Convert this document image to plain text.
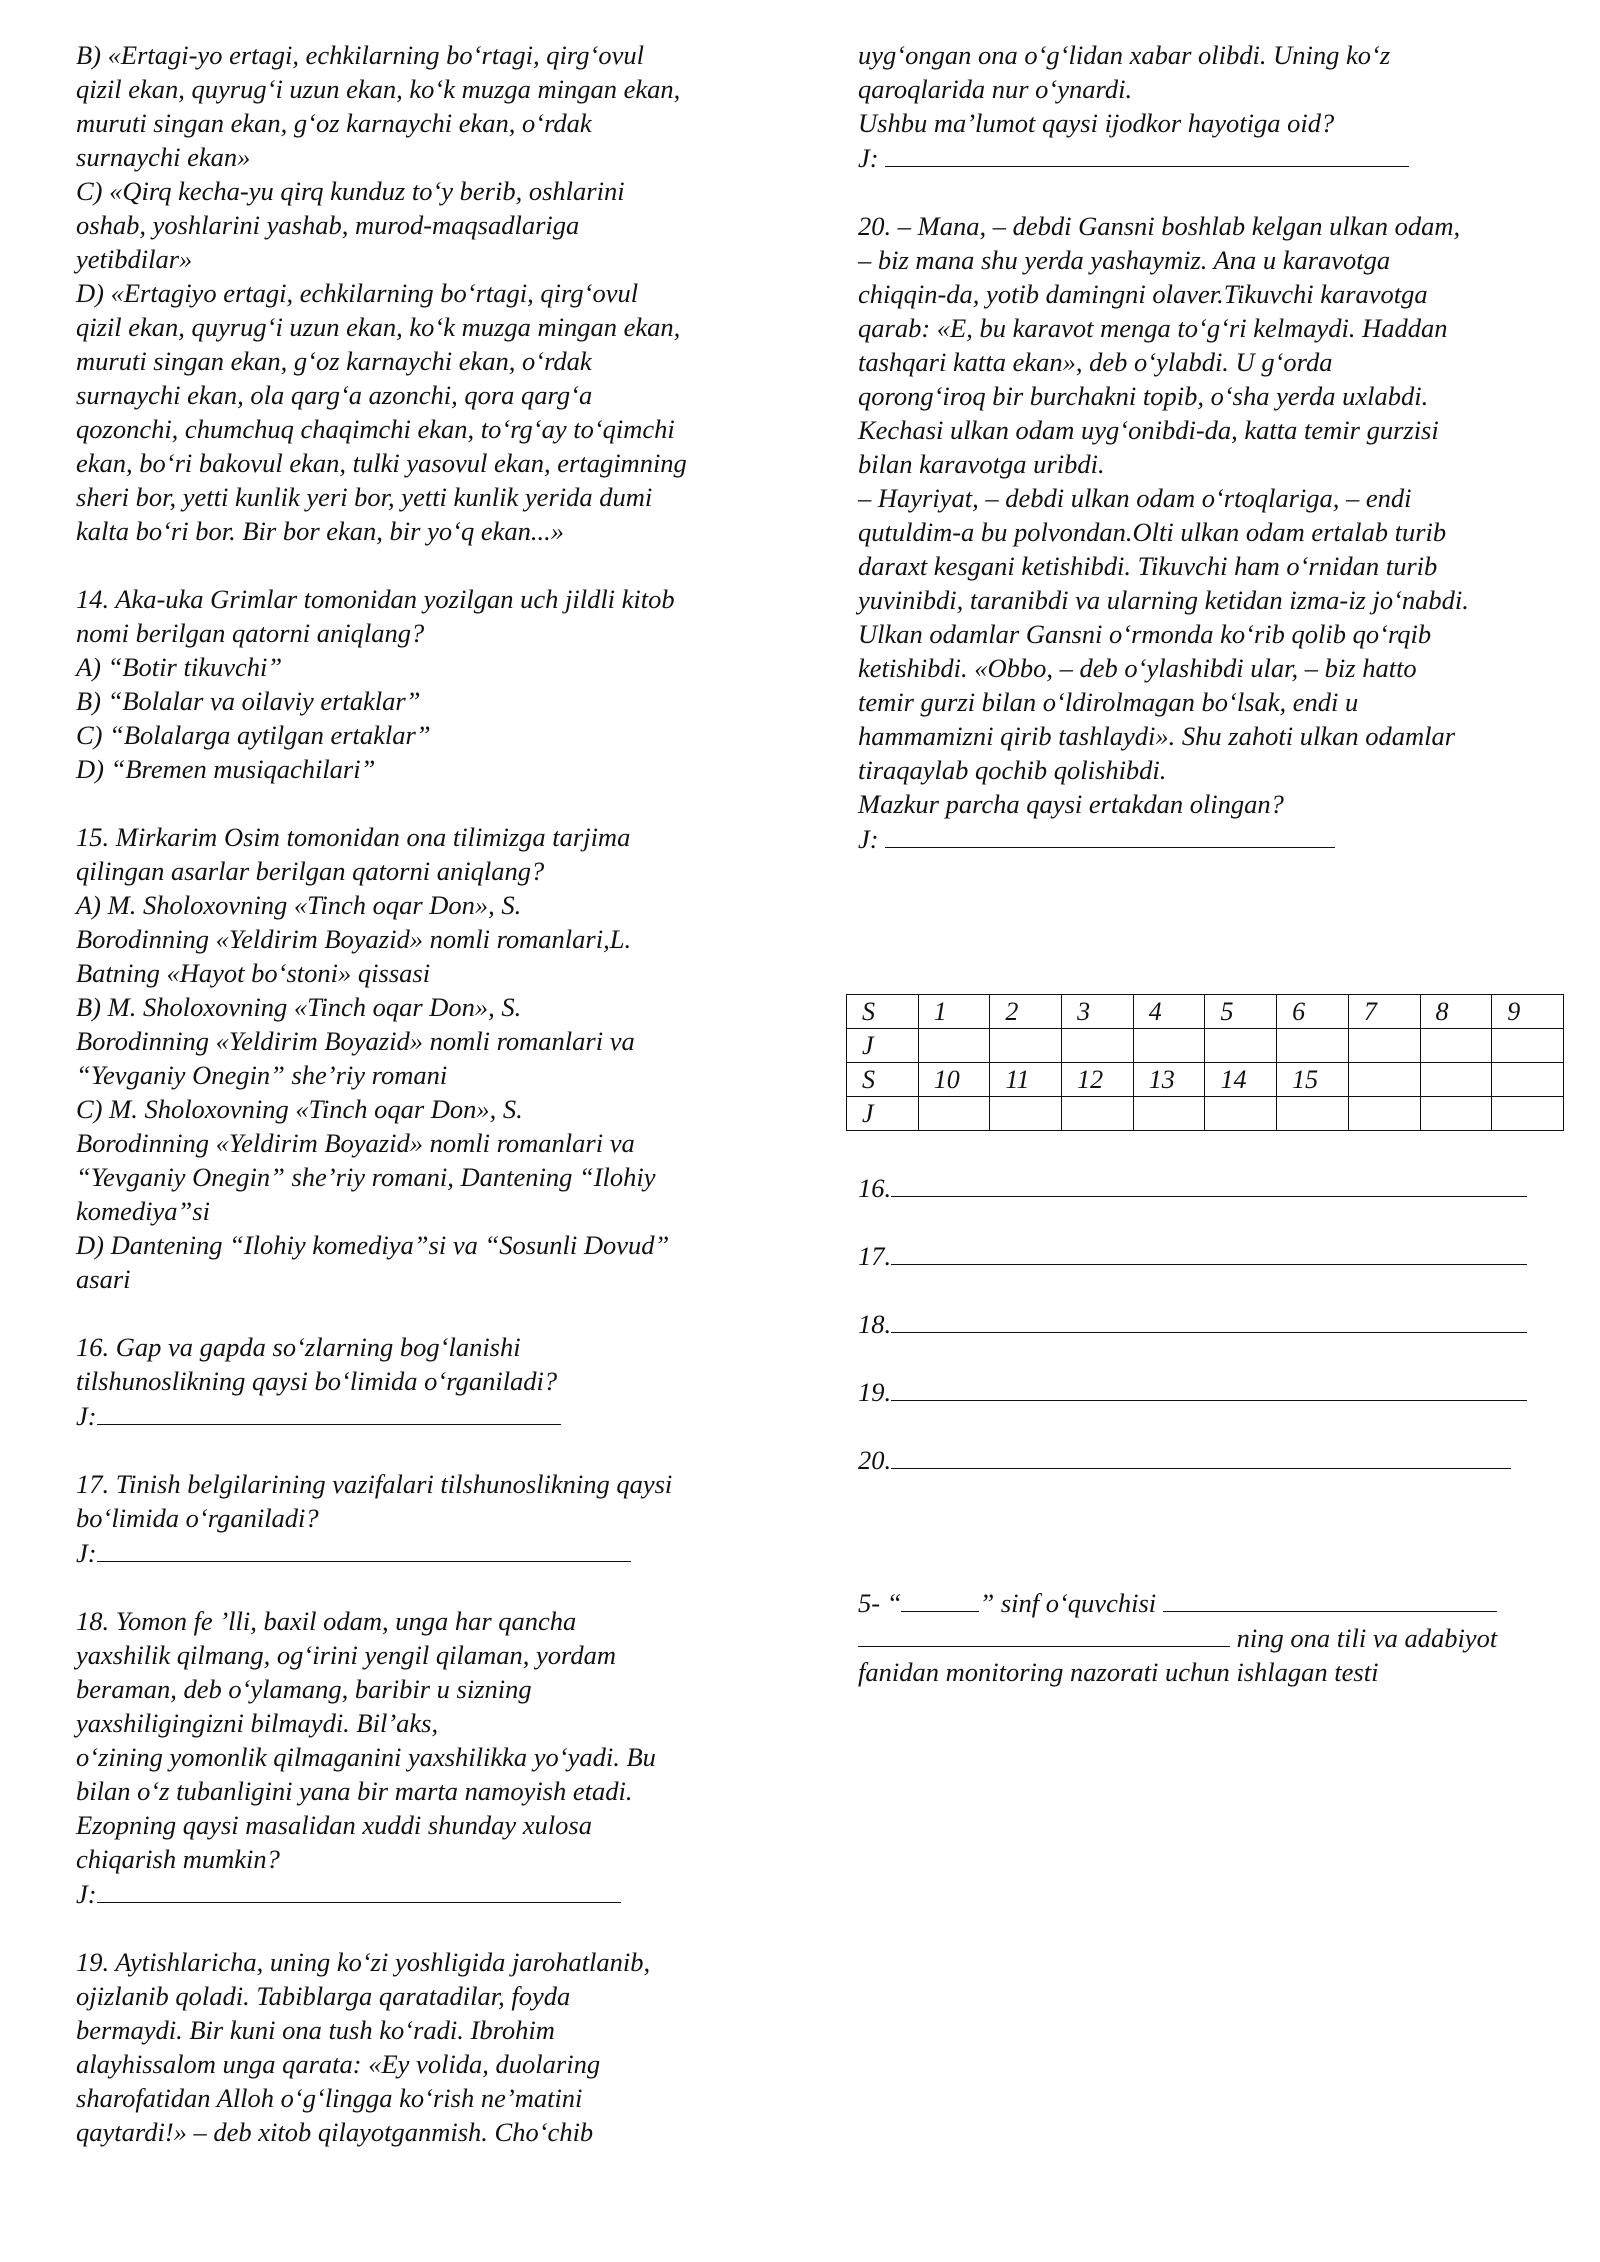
B) «Ertagi-yo ertagi, echkilarning bo‘rtagi, qirg‘ovul
qizil ekan, quyrug‘i uzun ekan, ko‘k muzga mingan ekan,
muruti singan ekan, g‘oz karnaychi ekan, o‘rdak
surnaychi ekan»
C) «Qirq kecha-yu qirq kunduz to‘y berib, oshlarini
oshab, yoshlarini yashab, murod-maqsadlariga
yetibdilar»
D) «Ertagiyo ertagi, echkilarning bo‘rtagi, qirg‘ovul
qizil ekan, quyrug‘i uzun ekan, ko‘k muzga mingan ekan,
muruti singan ekan, g‘oz karnaychi ekan, o‘rdak
surnaychi ekan, ola qarg‘a azonchi, qora qarg‘a
qozonchi, chumchuq chaqimchi ekan, to‘rg‘ay to‘qimchi
ekan, bo‘ri bakovul ekan, tulki yasovul ekan, ertagimning
sheri bor, yetti kunlik yeri bor, yetti kunlik yerida dumi
kalta bo‘ri bor. Bir bor ekan, bir yo‘q ekan...»
14. Aka-uka Grimlar tomonidan yozilgan uch jildli kitob
nomi berilgan qatorni aniqlang?
A) “Botir tikuvchi”
B) “Bolalar va oilaviy ertaklar”
C) “Bolalarga aytilgan ertaklar”
D) “Bremen musiqachilari”
15. Mirkarim Osim tomonidan ona tilimizga tarjima
qilingan asarlar berilgan qatorni aniqlang?
A) M. Sholoxovning «Tinch oqar Don», S.
Borodinning «Yeldirim Boyazid» nomli romanlari,L.
Batning «Hayot bo‘stoni» qissasi
B) M. Sholoxovning «Tinch oqar Don», S.
Borodinning «Yeldirim Boyazid» nomli romanlari va
“Yevganiy Onegin” she’riy romani
C) M. Sholoxovning «Tinch oqar Don», S.
Borodinning «Yeldirim Boyazid» nomli romanlari va
“Yevganiy Onegin” she’riy romani, Dantening “Ilohiy
komediya”si
D) Dantening “Ilohiy komediya”si va “Sosunli Dovud”
asari
16. Gap va gapda so‘zlarning bog‘lanishi
tilshunoslikning qaysi bo‘limida o‘rganiladi?
J:
17. Tinish belgilarining vazifalari tilshunoslikning qaysi
bo‘limida o‘rganiladi?
J:
18. Yomon fe ’lli, baxil odam, unga har qancha
yaxshilik qilmang, og‘irini yengil qilaman, yordam
beraman, deb o‘ylamang, baribir u sizning
yaxshiligingizni bilmaydi. Bil’aks,
o‘zining yomonlik qilmaganini yaxshilikka yo‘yadi. Bu
bilan o‘z tubanligini yana bir marta namoyish etadi.
Ezopning qaysi masalidan xuddi shunday xulosa
chiqarish mumkin?
J:
19. Aytishlaricha, uning ko‘zi yoshligida jarohatlanib,
ojizlanib qoladi. Tabiblarga qaratadilar, foyda
bermaydi. Bir kuni ona tush ko‘radi. Ibrohim
alayhissalom unga qarata: «Ey volida, duolaring
sharofatidan Alloh o‘g‘lingga ko‘rish ne’matini
qaytardi!» – deb xitob qilayotganmish. Cho‘chib
uyg‘ongan ona o‘g‘lidan xabar olibdi. Uning ko‘z
qaroqlarida nur o‘ynardi.
Ushbu ma’lumot qaysi ijodkor hayotiga oid?
J:
20. – Mana, – debdi Gansni boshlab kelgan ulkan odam,
– biz mana shu yerda yashaymiz. Ana u karavotga
chiqqin-da, yotib damingni olaver.Tikuvchi karavotga
qarab: «E, bu karavot menga to‘g‘ri kelmaydi. Haddan
tashqari katta ekan», deb o‘ylabdi. U g‘orda
qorong‘iroq bir burchakni topib, o‘sha yerda uxlabdi.
Kechasi ulkan odam uyg‘onibdi-da, katta temir gurzisi
bilan karavotga uribdi.
– Hayriyat, – debdi ulkan odam o‘rtoqlariga, – endi
qutuldim-a bu polvondan.Olti ulkan odam ertalab turib
daraxt kesgani ketishibdi. Tikuvchi ham o‘rnidan turib
yuvinibdi, taranibdi va ularning ketidan izma-iz jo‘nabdi.
Ulkan odamlar Gansni o‘rmonda ko‘rib qolib qo‘rqib
ketishibdi. «Obbo, – deb o‘ylashibdi ular, – biz hatto
temir gurzi bilan o‘ldirolmagan bo‘lsak, endi u
hammamizni qirib tashlaydi». Shu zahoti ulkan odamlar
tiraqaylab qochib qolishibdi.
Mazkur parcha qaysi ertakdan olingan?
J:
S	1	2	3	4	5	6	7	8	9
J									
S	10	11	12	13	14	15			
J									
16.
17.
18.
19.
20.
5- “	” sinf o‘quvchisi
ning ona tili va adabiyot
fanidan monitoring nazorati uchun ishlagan testi
